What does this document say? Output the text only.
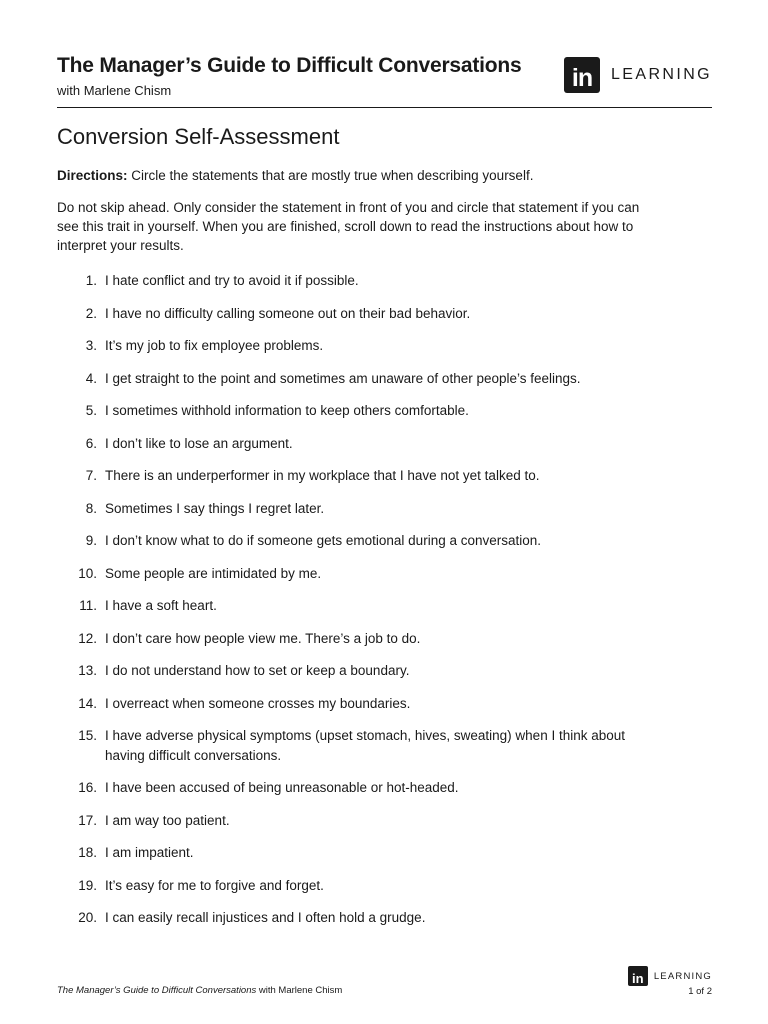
The Manager’s Guide to Difficult Conversations
with Marlene Chism	in	LEARNING
Conversion Self-Assessment

Directions: Circle the statements that are mostly true when describing yourself.

Do not skip ahead. Only consider the statement in front of you and circle that statement if you can see this trait in yourself. When you are finished, scroll down to read the instructions about how to interpret your results.

1. I hate conflict and try to avoid it if possible.
2. I have no difficulty calling someone out on their bad behavior.
3. It’s my job to fix employee problems.
4. I get straight to the point and sometimes am unaware of other people’s feelings.
5. I sometimes withhold information to keep others comfortable.
6. I don’t like to lose an argument.
7. There is an underperformer in my workplace that I have not yet talked to.
8. Sometimes I say things I regret later.
9. I don’t know what to do if someone gets emotional during a conversation.
10. Some people are intimidated by me.
11. I have a soft heart.
12. I don’t care how people view me. There’s a job to do.
13. I do not understand how to set or keep a boundary.
14. I overreact when someone crosses my boundaries.
15. I have adverse physical symptoms (upset stomach, hives, sweating) when I think about having difficult conversations.
16. I have been accused of being unreasonable or hot-headed.
17. I am way too patient.
18. I am impatient.
19. It’s easy for me to forgive and forget.
20. I can easily recall injustices and I often hold a grudge.
The Manager’s Guide to Difficult Conversations with Marlene Chism
in	LEARNING
1 of 2
